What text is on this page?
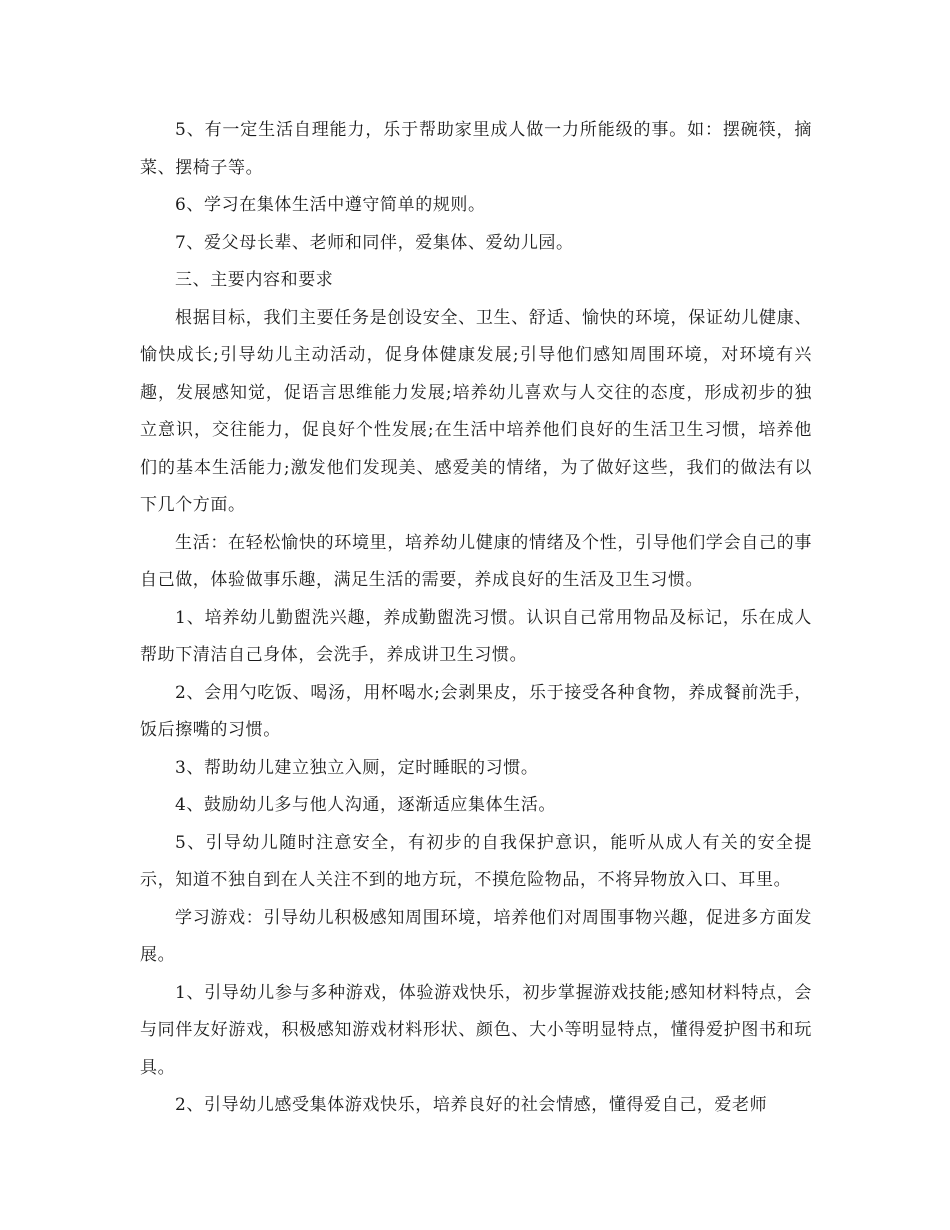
5、有一定生活自理能力，乐于帮助家里成人做一力所能级的事。如：摆碗筷，摘菜、摆椅子等。

6、学习在集体生活中遵守简单的规则。

7、爱父母长辈、老师和同伴，爱集体、爱幼儿园。

三、主要内容和要求

根据目标，我们主要任务是创设安全、卫生、舒适、愉快的环境，保证幼儿健康、愉快成长;引导幼儿主动活动，促身体健康发展;引导他们感知周围环境，对环境有兴趣，发展感知觉，促语言思维能力发展;培养幼儿喜欢与人交往的态度，形成初步的独立意识，交往能力，促良好个性发展;在生活中培养他们良好的生活卫生习惯，培养他们的基本生活能力;激发他们发现美、感爱美的情绪，为了做好这些，我们的做法有以下几个方面。

生活：在轻松愉快的环境里，培养幼儿健康的情绪及个性，引导他们学会自己的事自己做，体验做事乐趣，满足生活的需要，养成良好的生活及卫生习惯。

1、培养幼儿勤盥洗兴趣，养成勤盥洗习惯。认识自己常用物品及标记，乐在成人帮助下清洁自己身体，会洗手，养成讲卫生习惯。

2、会用勺吃饭、喝汤，用杯喝水;会剥果皮，乐于接受各种食物，养成餐前洗手，饭后擦嘴的习惯。

3、帮助幼儿建立独立入厕，定时睡眠的习惯。

4、鼓励幼儿多与他人沟通，逐渐适应集体生活。

5、引导幼儿随时注意安全，有初步的自我保护意识，能听从成人有关的安全提示，知道不独自到在人关注不到的地方玩，不摸危险物品，不将异物放入口、耳里。

学习游戏：引导幼儿积极感知周围环境，培养他们对周围事物兴趣，促进多方面发展。

1、引导幼儿参与多种游戏，体验游戏快乐，初步掌握游戏技能;感知材料特点，会与同伴友好游戏，积极感知游戏材料形状、颜色、大小等明显特点，懂得爱护图书和玩具。

2、引导幼儿感受集体游戏快乐，培养良好的社会情感，懂得爱自己，爱老师
